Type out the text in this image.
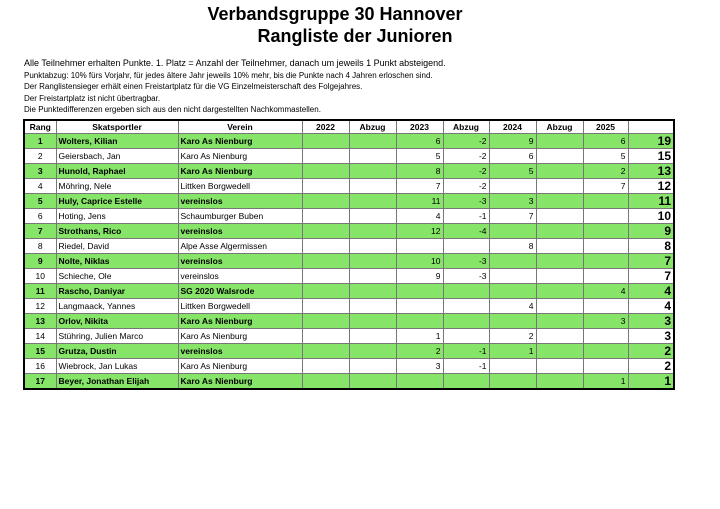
Verbandsgruppe 30 Hannover
Rangliste der Junioren
Alle Teilnehmer erhalten Punkte. 1. Platz = Anzahl der Teilnehmer, danach um jeweils 1 Punkt absteigend.
Punktabzug: 10% fürs Vorjahr, für jedes ältere Jahr jeweils 10% mehr, bis die Punkte nach 4 Jahren erloschen sind.
Der Ranglistensieger erhält einen Freistartplatz für die VG Einzelmeisterschaft des Folgejahres.
Der Freistartplatz ist nicht übertragbar.
Die Punktedifferenzen ergeben sich aus den nicht dargestellten Nachkommastellen.
Rang	Skatsportler	Verein	2022	Abzug	2023	Abzug	2024	Abzug	2025	
1	Wolters, Kilian	Karo As Nienburg			6	-2	9		6	19
2	Geiersbach, Jan	Karo As Nienburg			5	-2	6		5	15
3	Hunold, Raphael	Karo As Nienburg			8	-2	5		2	13
4	Möhring, Nele	Littken Borgwedell			7	-2			7	12
5	Huly, Caprice Estelle	vereinslos			11	-3	3			11
6	Hoting, Jens	Schaumburger Buben			4	-1	7			10
7	Strothans, Rico	vereinslos			12	-4				9
8	Riedel, David	Alpe Asse Algermissen					8			8
9	Nolte, Niklas	vereinslos			10	-3				7
10	Schieche, Ole	vereinslos			9	-3				7
11	Rascho, Daniyar	SG 2020 Walsrode							4	4
12	Langmaack, Yannes	Littken Borgwedell					4			4
13	Orlov, Nikita	Karo As Nienburg							3	3
14	Stühring, Julien Marco	Karo As Nienburg			1		2			3
15	Grutza, Dustin	vereinslos			2	-1	1			2
16	Wiebrock, Jan Lukas	Karo As Nienburg			3	-1				2
17	Beyer, Jonathan Elijah	Karo As Nienburg							1	1
